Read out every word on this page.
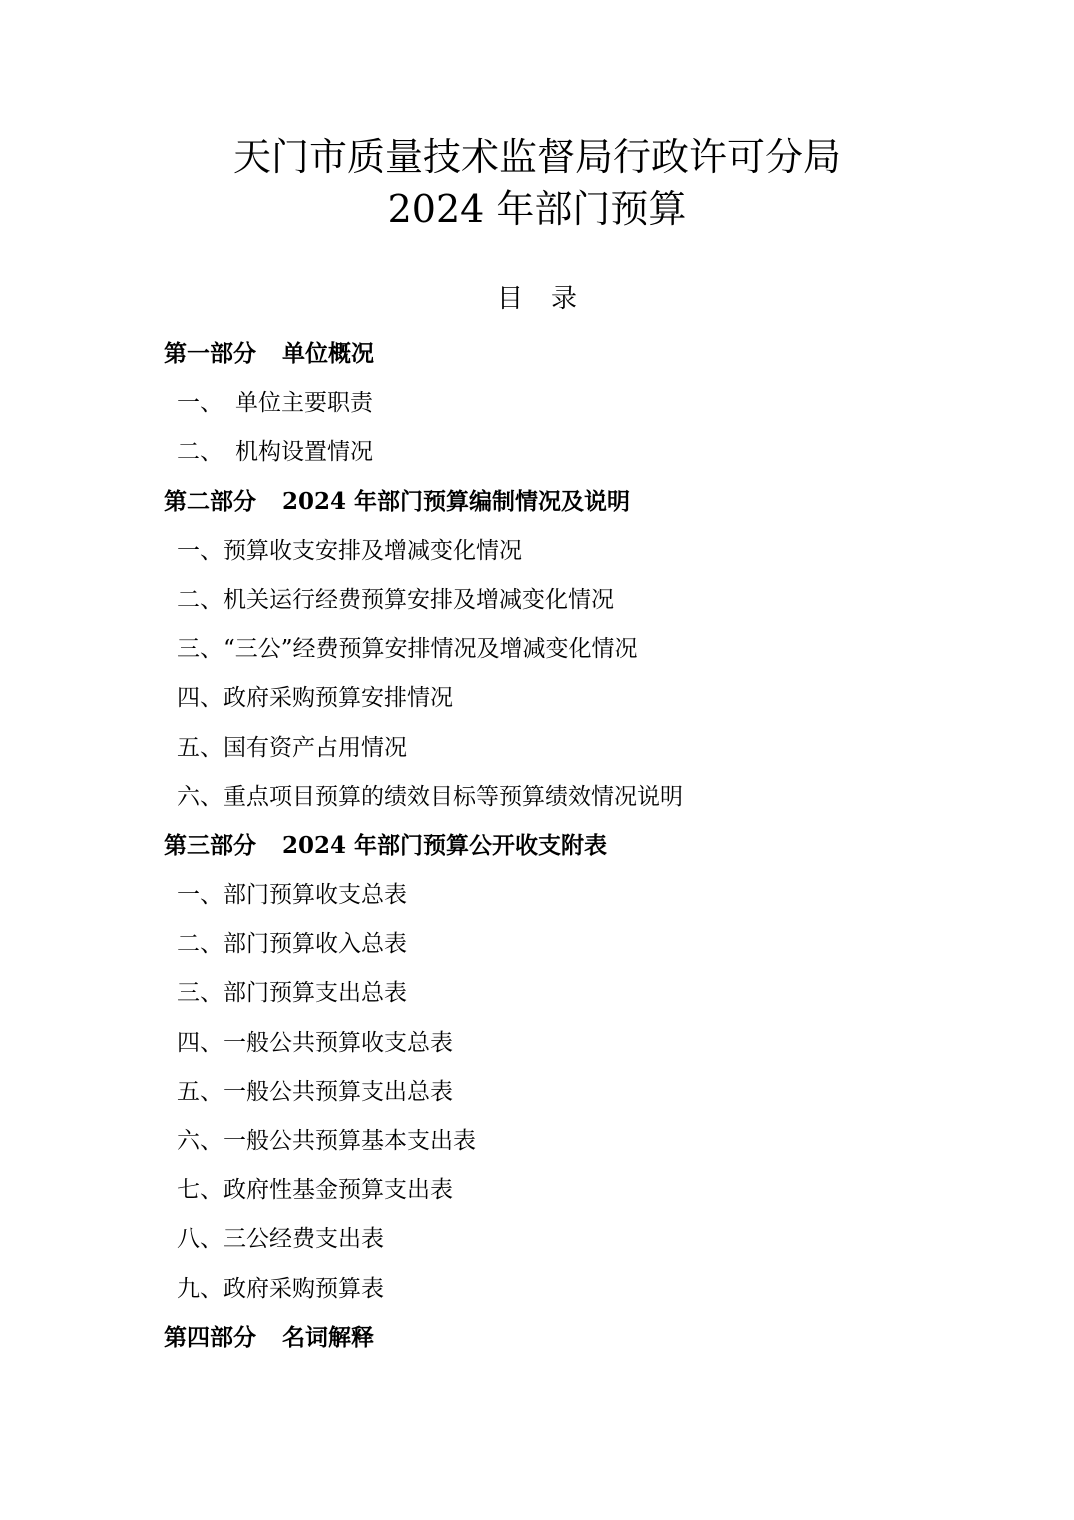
天门市质量技术监督局行政许可分局
2024 年部门预算
目 录
第一部分 单位概况
一、 单位主要职责
二、 机构设置情况
第二部分 2024 年部门预算编制情况及说明
一、预算收支安排及增减变化情况
二、机关运行经费预算安排及增减变化情况
三、“三公”经费预算安排情况及增减变化情况
四、政府采购预算安排情况
五、国有资产占用情况
六、重点项目预算的绩效目标等预算绩效情况说明
第三部分 2024 年部门预算公开收支附表
一、部门预算收支总表
二、部门预算收入总表
三、部门预算支出总表
四、一般公共预算收支总表
五、一般公共预算支出总表
六、一般公共预算基本支出表
七、政府性基金预算支出表
八、三公经费支出表
九、政府采购预算表
第四部分 名词解释
